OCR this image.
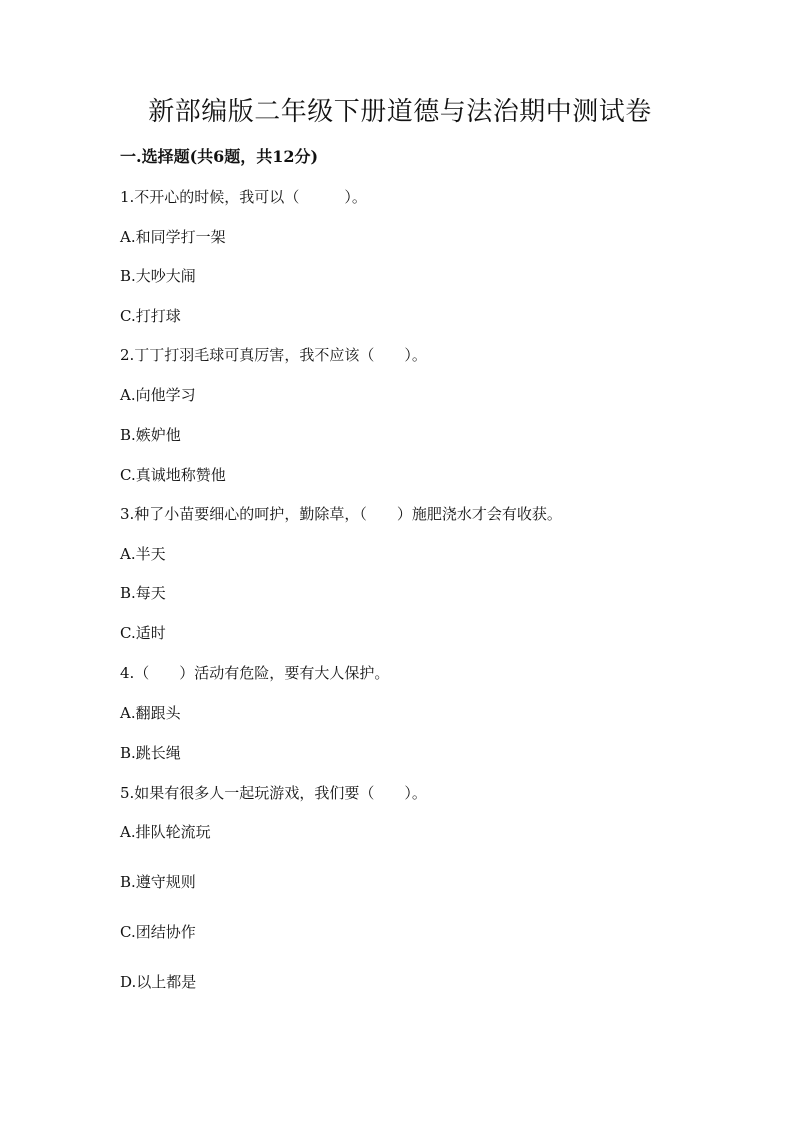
新部编版二年级下册道德与法治期中测试卷
一.选择题(共6题，共12分)
1.不开心的时候，我可以（　　　）。
A.和同学打一架
B.大吵大闹
C.打打球
2.丁丁打羽毛球可真厉害，我不应该（　　）。
A.向他学习
B.嫉妒他
C.真诚地称赞他
3.种了小苗要细心的呵护，勤除草，（　　）施肥浇水才会有收获。
A.半天
B.每天
C.适时
4.（　　）活动有危险，要有大人保护。
A.翻跟头
B.跳长绳
5.如果有很多人一起玩游戏，我们要（　　）。
A.排队轮流玩
B.遵守规则
C.团结协作
D.以上都是
